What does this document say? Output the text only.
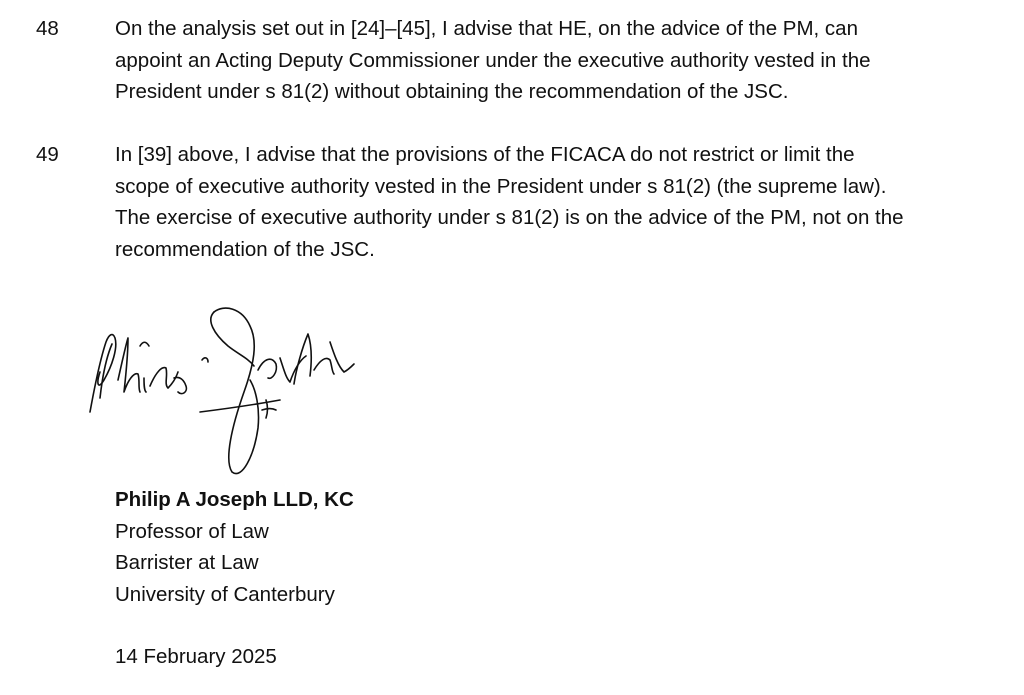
48	On the analysis set out in [24]–[45], I advise that HE, on the advice of the PM, can
appoint an Acting Deputy Commissioner under the executive authority vested in the
President under s 81(2) without obtaining the recommendation of the JSC.
49	In [39] above, I advise that the provisions of the FICACA do not restrict or limit the
scope of executive authority vested in the President under s 81(2) (the supreme law).
The exercise of executive authority under s 81(2) is on the advice of the PM, not on the
recommendation of the JSC.
Philip A Joseph LLD, KC
Professor of Law
Barrister at Law
University of Canterbury
14 February 2025
